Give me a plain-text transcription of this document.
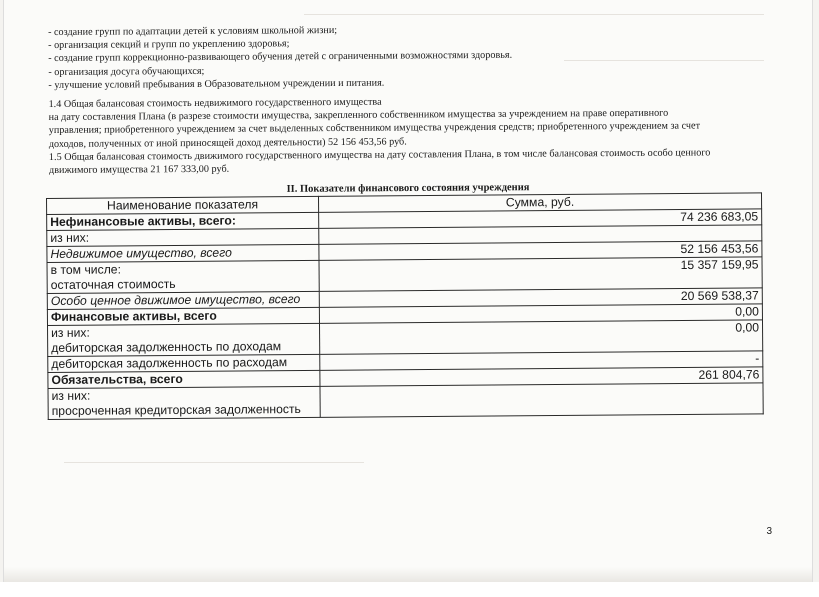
- создание групп по адаптации детей к условиям школьной жизни;

- организация секций и групп по укреплению здоровья;

- создание групп коррекционно-развивающего обучения детей с ограниченными возможностями здоровья.

- организация досуга обучающихся;

- улучшение условий пребывания в Образовательном учреждении и питания.

1.4 Общая балансовая стоимость недвижимого государственного имущества

на дату составления Плана (в разрезе стоимости имущества, закрепленного собственником имущества за учреждением на праве оперативного

управления; приобретенного учреждением за счет выделенных собственником имущества учреждения средств; приобретенного учреждением за счет

доходов, полученных от иной приносящей доход деятельности) 52 156 453,56 руб.

1.5 Общая балансовая стоимость движимого государственного имущества на дату составления Плана, в том числе балансовая стоимость особо ценного

движимого имущества 21 167 333,00 руб.

II. Показатели финансового состояния учреждения
Наименование показателя	Сумма, руб.
Нефинансовые активы, всего:	74 236 683,05
из них:	
Недвижимое имущество, всего	52 156 453,56

в том числе:
остаточная стоимость	15 357 159,95
Особо ценное движимое имущество, всего	20 569 538,37
Финансовые активы, всего	0,00

из них:
дебиторская задолженность по доходам	0,00
дебиторская задолженность по расходам	-
Обязательства, всего	261 804,76

из них:
просроченная кредиторская задолженность	

3
